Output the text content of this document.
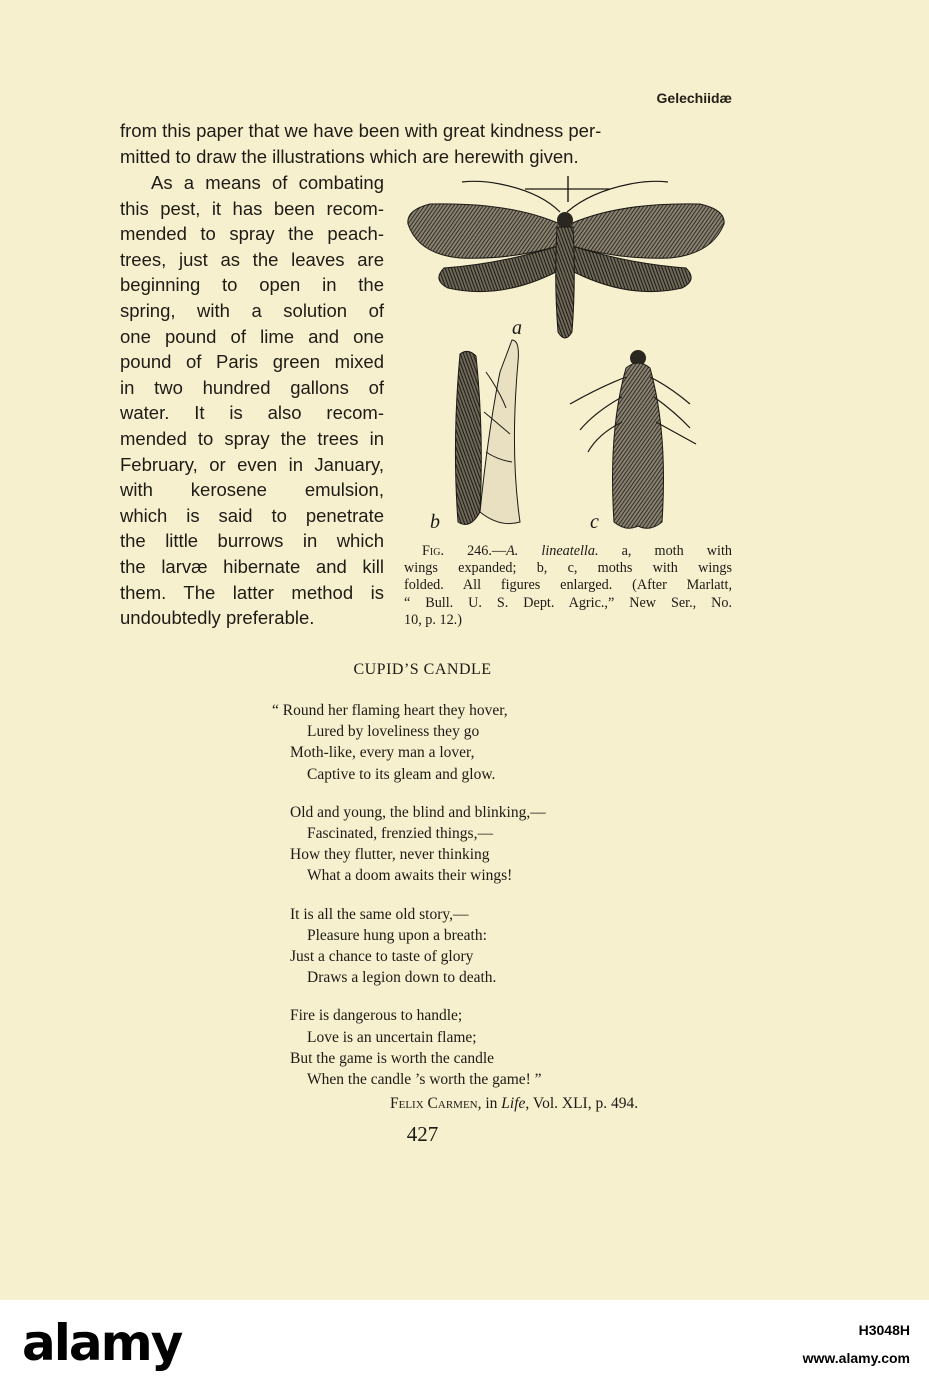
Gelechiidæ
from this paper that we have been with great kindness per-
mitted to draw the illustrations which are herewith given.
As a means of combating
this pest, it has been recom-
mended to spray the peach-
trees, just as the leaves are
beginning to open in the
spring, with a solution of
one pound of lime and one
pound of Paris green mixed
in two hundred gallons of
water. It is also recom-
mended to spray the trees in
February, or even in January,
with kerosene emulsion,
which is said to penetrate
the little burrows in which
the larvæ hibernate and kill
them. The latter method is
undoubtedly preferable.
a
b	c
Fig. 246.—A. lineatella. a, moth with
wings expanded; b, c, moths with wings
folded. All figures enlarged. (After Marlatt,
“ Bull. U. S. Dept. Agric.,” New Ser., No.
10, p. 12.)
CUPID’S CANDLE
“ Round her flaming heart they hover,
Lured by loveliness they go
Moth-like, every man a lover,
Captive to its gleam and glow.
Old and young, the blind and blinking,—
Fascinated, frenzied things,—
How they flutter, never thinking
What a doom awaits their wings!
It is all the same old story,—
Pleasure hung upon a breath:
Just a chance to taste of glory
Draws a legion down to death.
Fire is dangerous to handle;
Love is an uncertain flame;
But the game is worth the candle
When the candle ’s worth the game! ”
Felix Carmen, in Life, Vol. XLI, p. 494.
427
alamy	H3048H
www.alamy.com
